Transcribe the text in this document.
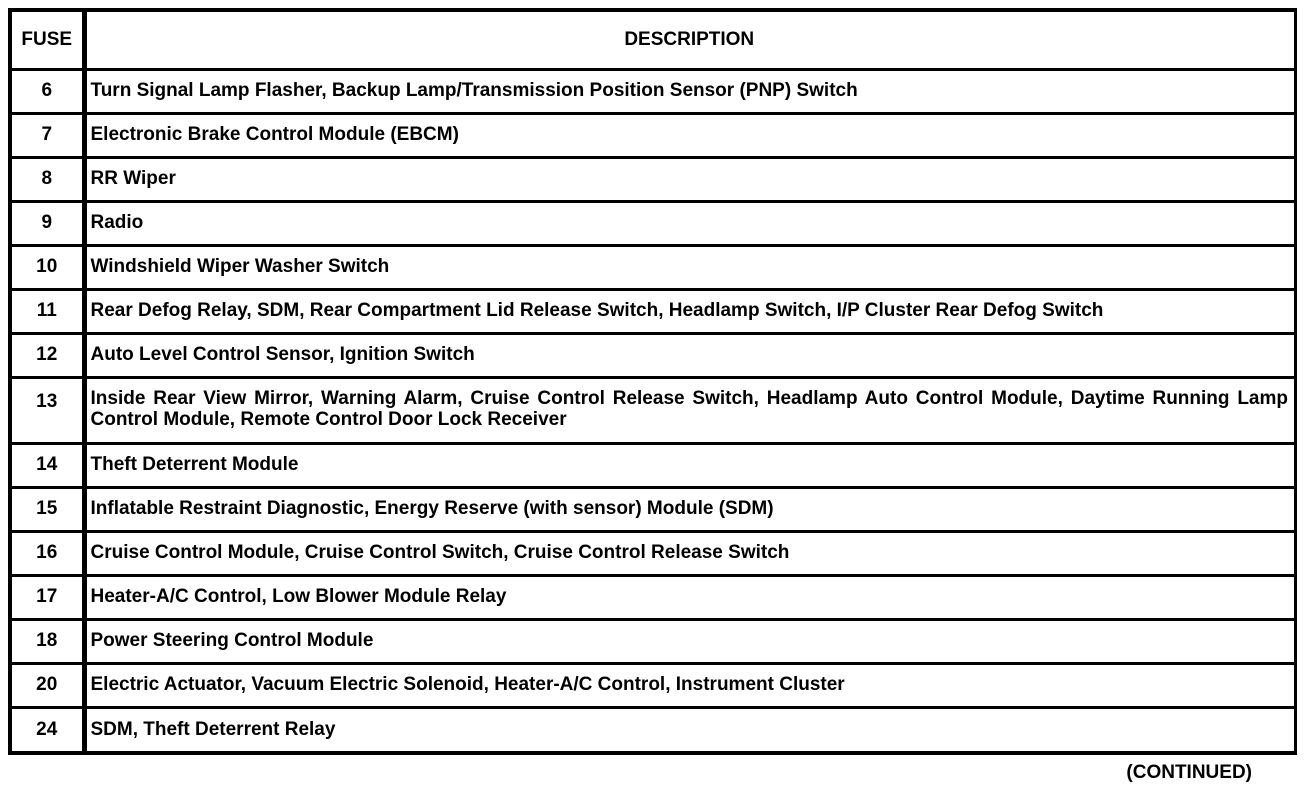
FUSE	DESCRIPTION
6	Turn Signal Lamp Flasher, Backup Lamp/Transmission Position Sensor (PNP) Switch
7	Electronic Brake Control Module (EBCM)
8	RR Wiper
9	Radio
10	Windshield Wiper Washer Switch
11	Rear Defog Relay, SDM, Rear Compartment Lid Release Switch, Headlamp Switch, I/P Cluster Rear Defog Switch
12	Auto Level Control Sensor, Ignition Switch
13	Inside Rear View Mirror, Warning Alarm, Cruise Control Release Switch, Headlamp Auto Control Module, Daytime Running Lamp Control Module, Remote Control Door Lock Receiver
14	Theft Deterrent Module
15	Inflatable Restraint Diagnostic, Energy Reserve (with sensor) Module (SDM)
16	Cruise Control Module, Cruise Control Switch, Cruise Control Release Switch
17	Heater-A/C Control, Low Blower Module Relay
18	Power Steering Control Module
20	Electric Actuator, Vacuum Electric Solenoid, Heater-A/C Control, Instrument Cluster
24	SDM, Theft Deterrent Relay
(CONTINUED)
